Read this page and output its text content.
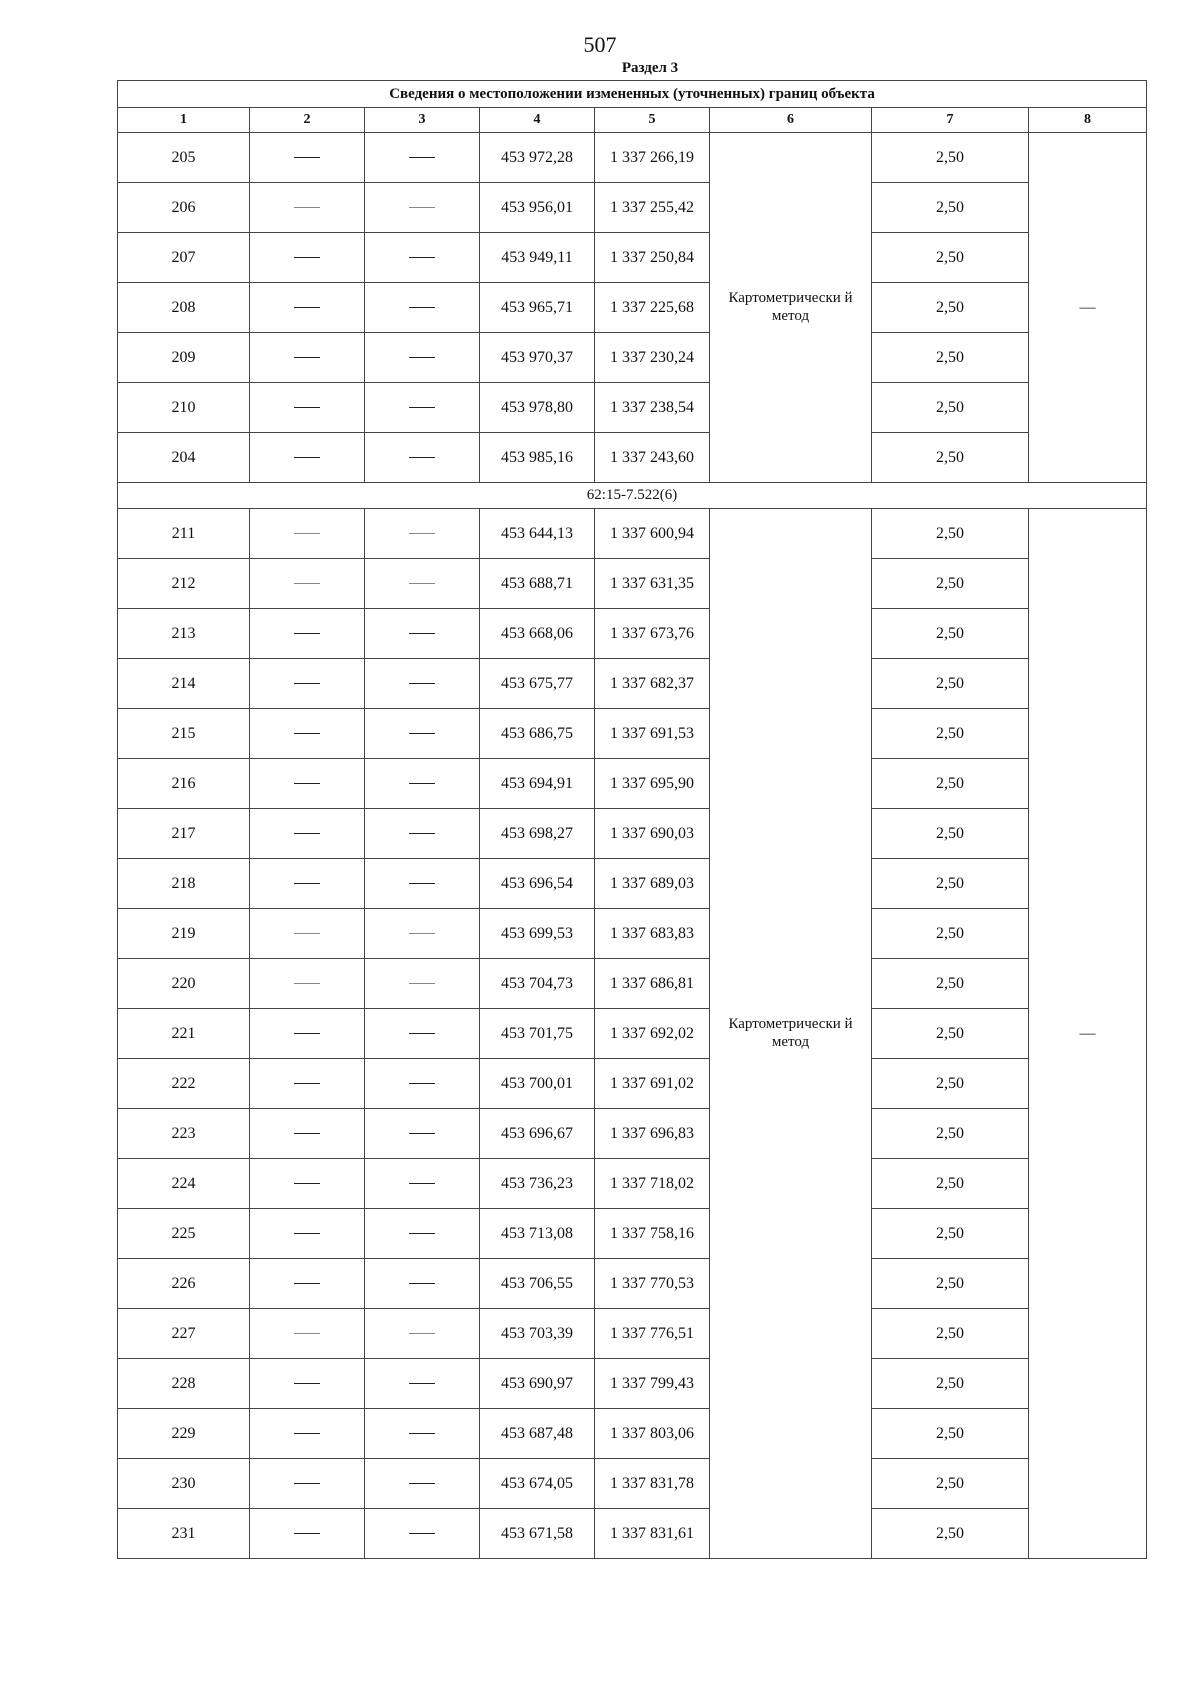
507
Раздел 3
Сведения о местоположении измененных (уточненных) границ объекта							
1	2	3	4	5	6	7	8
205			453 972,28	1 337 266,19	Картометрически й метод	2,50	—
206			453 956,01	1 337 255,42		2,50	
207			453 949,11	1 337 250,84		2,50	
208			453 965,71	1 337 225,68		2,50	
209			453 970,37	1 337 230,24		2,50	
210			453 978,80	1 337 238,54		2,50	
204			453 985,16	1 337 243,60		2,50	
62:15-7.522(6)							
211			453 644,13	1 337 600,94	Картометрически й метод	2,50	—
212			453 688,71	1 337 631,35		2,50	
213			453 668,06	1 337 673,76		2,50	
214			453 675,77	1 337 682,37		2,50	
215			453 686,75	1 337 691,53		2,50	
216			453 694,91	1 337 695,90		2,50	
217			453 698,27	1 337 690,03		2,50	
218			453 696,54	1 337 689,03		2,50	
219			453 699,53	1 337 683,83		2,50	
220			453 704,73	1 337 686,81		2,50	
221			453 701,75	1 337 692,02		2,50	
222			453 700,01	1 337 691,02		2,50	
223			453 696,67	1 337 696,83		2,50	
224			453 736,23	1 337 718,02		2,50	
225			453 713,08	1 337 758,16		2,50	
226			453 706,55	1 337 770,53		2,50	
227			453 703,39	1 337 776,51		2,50	
228			453 690,97	1 337 799,43		2,50	
229			453 687,48	1 337 803,06		2,50	
230			453 674,05	1 337 831,78		2,50	
231			453 671,58	1 337 831,61		2,50	
